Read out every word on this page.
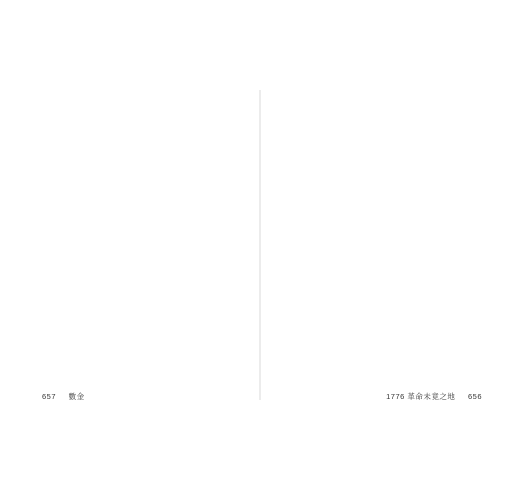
657 數金	1776 革命未竟之地 656
